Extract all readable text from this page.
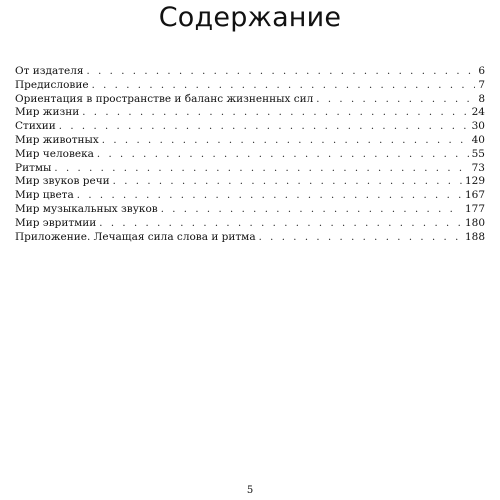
Содержание
От издателя . . .	6
Предисловие . . .	7
Ориентация в пространстве и баланс жизненных сил . . .	8
Мир жизни . . .	24
Стихии . . .	30
Мир животных . . .	40
Мир человека . . .	55
Ритмы . . .	73
Мир звуков речи . . .	129
Мир цвета . . .	167
Мир музыкальных звуков . . .	177
Мир эвритмии . . .	180
Приложение. Лечащая сила слова и ритма . . .	188
5
